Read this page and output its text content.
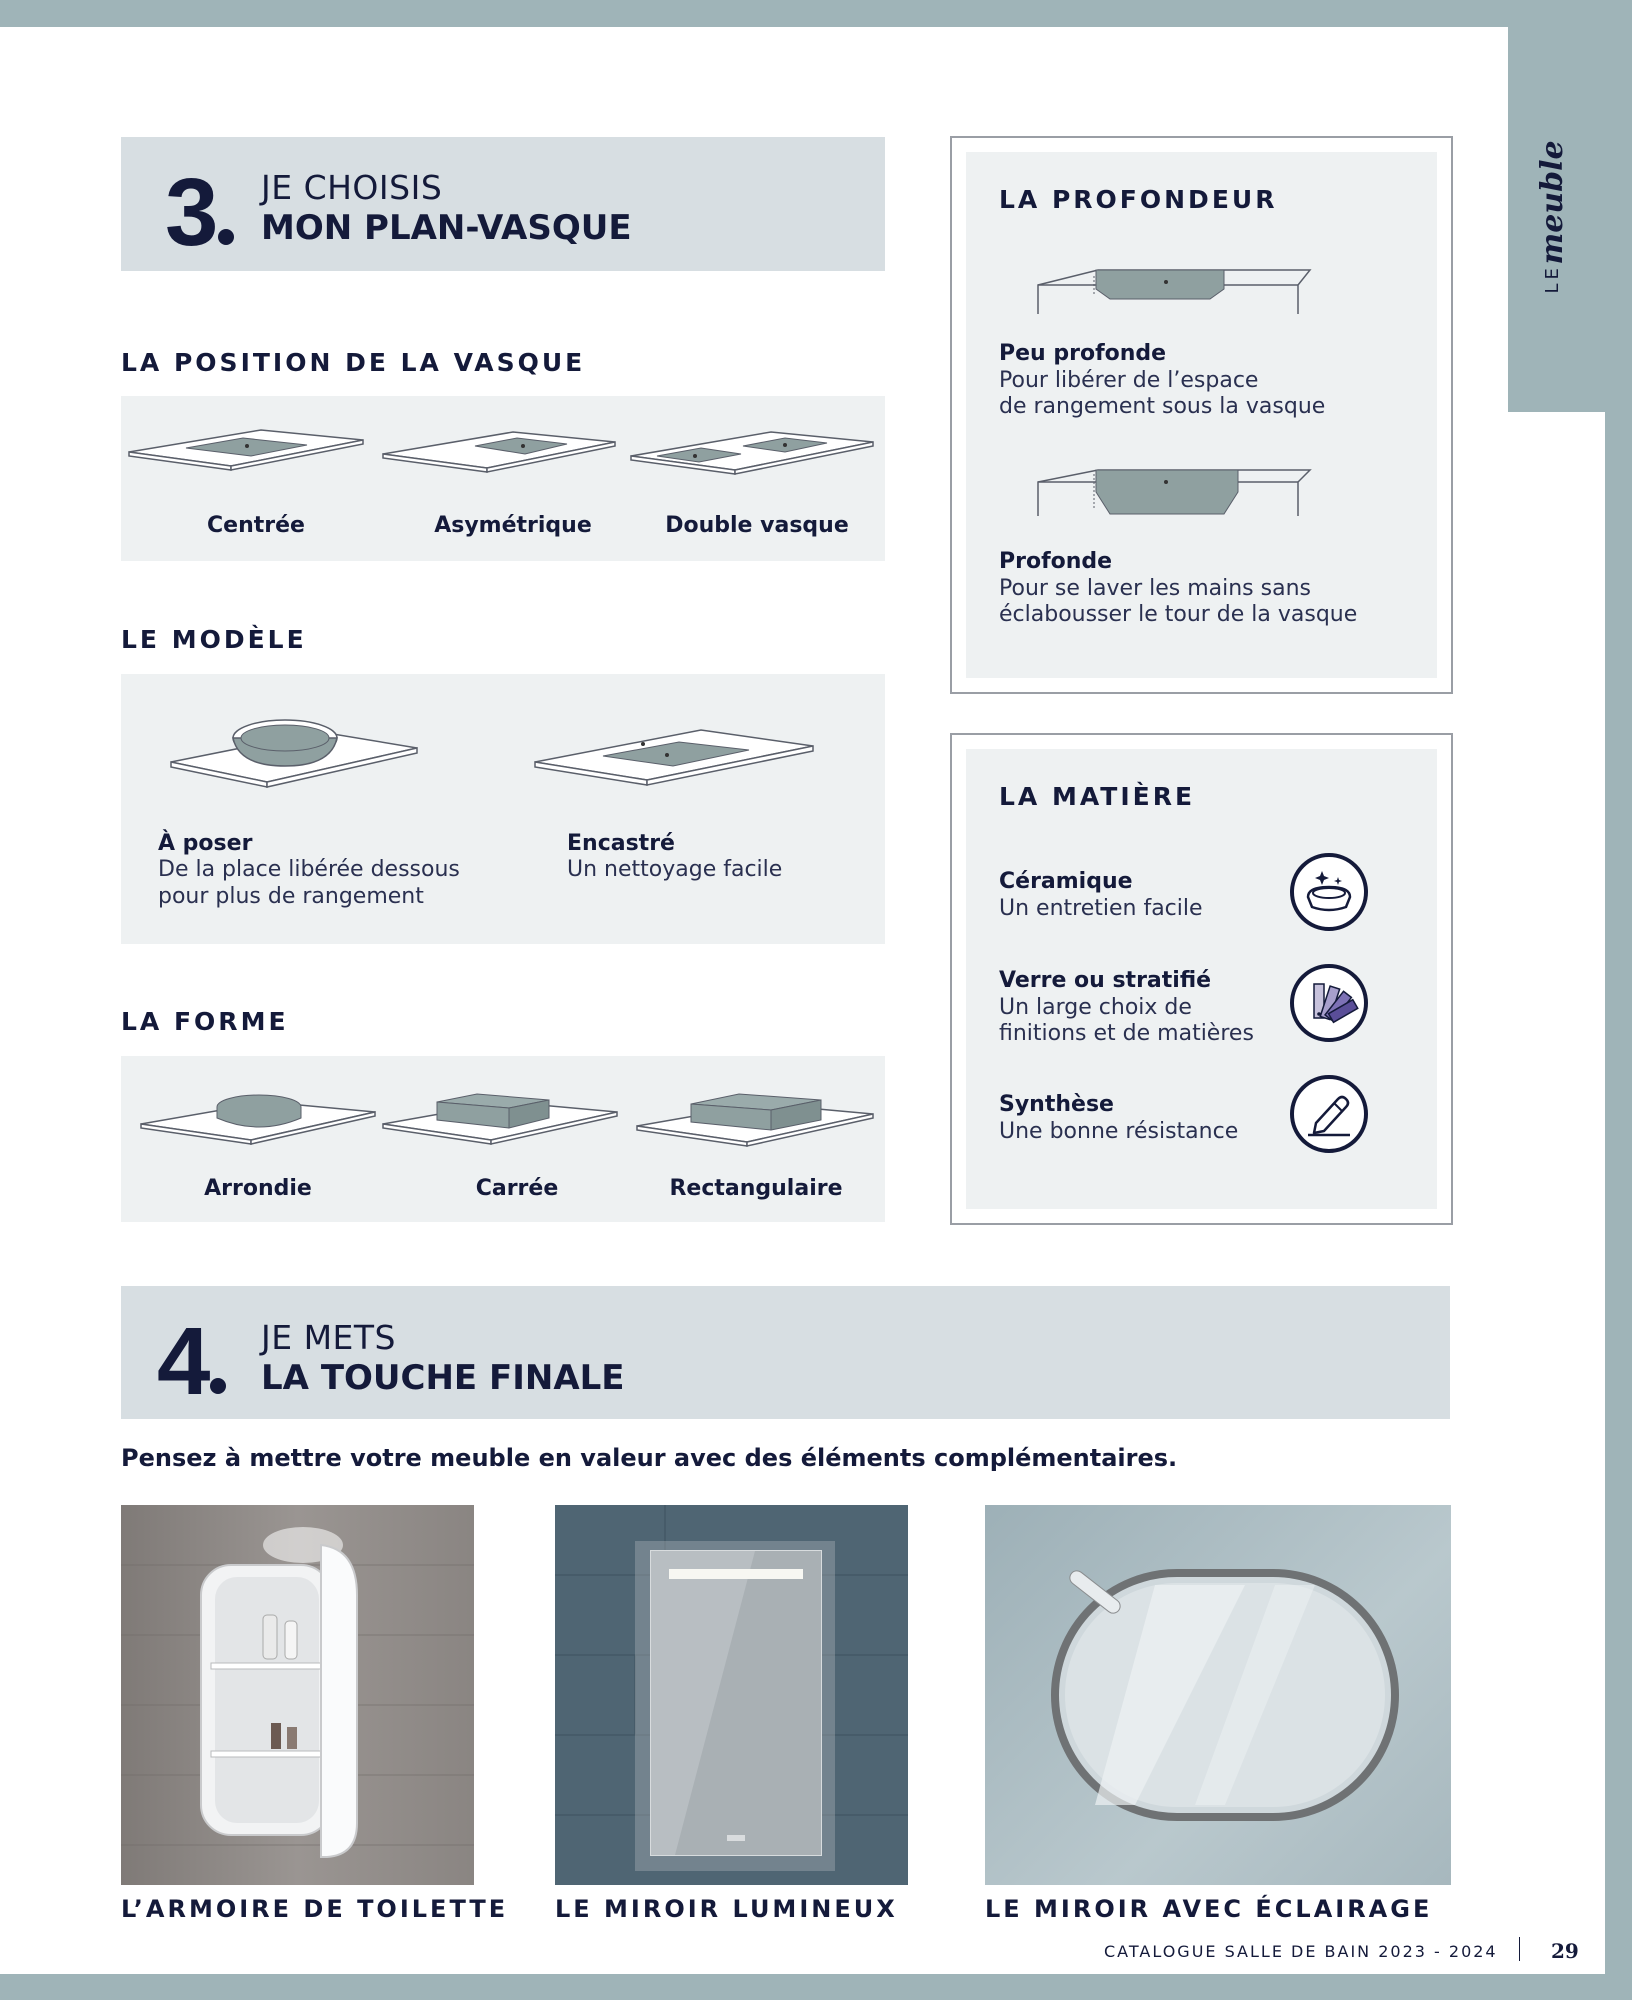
LEmeuble
3	JE CHOISIS
MON PLAN-VASQUE
LA POSITION DE LA VASQUE
Centrée	Asymétrique	Double vasque
LE MODÈLE
À poser
De la place libérée dessous
pour plus de rangement
Encastré
Un nettoyage facile
LA FORME
Arrondie	Carrée	Rectangulaire
LA PROFONDEUR
Peu profonde
Pour libérer de l’espace
de rangement sous la vasque
Profonde
Pour se laver les mains sans
éclabousser le tour de la vasque
LA MATIÈRE
Céramique
Un entretien facile
Verre ou stratifié
Un large choix de
finitions et de matières
Synthèse
Une bonne résistance
4	JE METS
LA TOUCHE FINALE
Pensez à mettre votre meuble en valeur avec des éléments complémentaires.
L’ARMOIRE DE TOILETTE LE MIROIR LUMINEUX	LE MIROIR AVEC ÉCLAIRAGE
CATALOGUE SALLE DE BAIN 2023 - 2024	29
